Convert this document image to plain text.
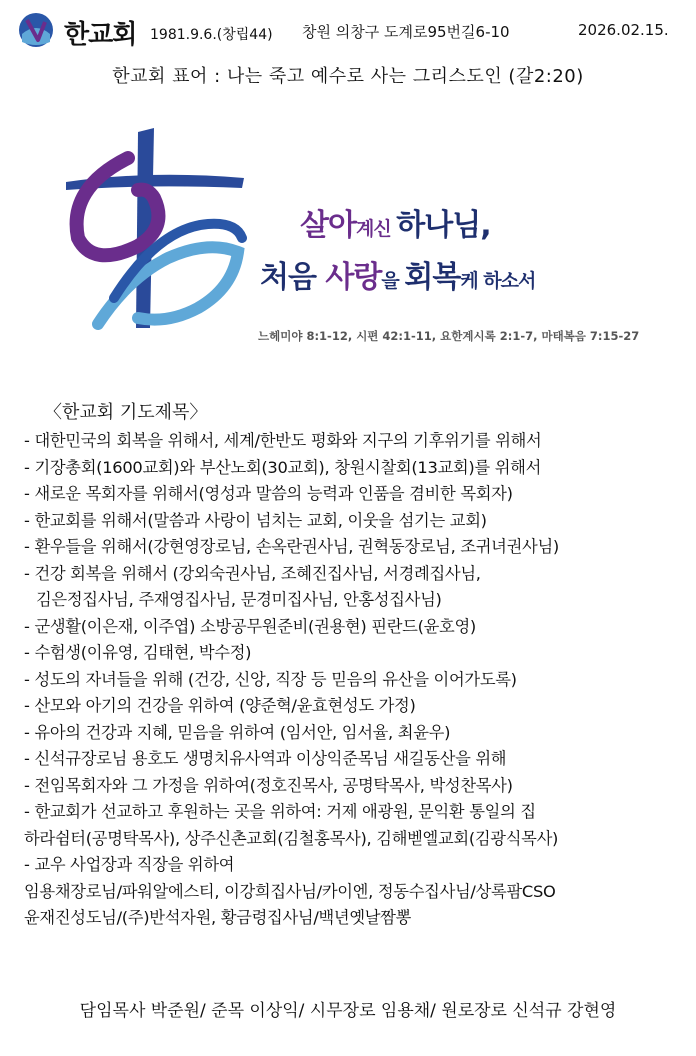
한교회 1981.9.6.(창립44) 창원 의창구 도계로95번길6-10	2026.02.15.
한교회 표어 : 나는 죽고 예수로 사는 그리스도인 (갈2:20)
살아계신 하나님,
처음 사랑을 회복케 하소서
느헤미야 8:1-12, 시편 42:1-11, 요한계시록 2:1-7, 마태복음 7:15-27
〈한교회 기도제목〉
- 대한민국의 회복을 위해서, 세계/한반도 평화와 지구의 기후위기를 위해서
- 기장총회(1600교회)와 부산노회(30교회), 창원시찰회(13교회)를 위해서
- 새로운 목회자를 위해서(영성과 말씀의 능력과 인품을 겸비한 목회자)
- 한교회를 위해서(말씀과 사랑이 넘치는 교회, 이웃을 섬기는 교회)
- 환우들을 위해서(강현영장로님, 손옥란권사님, 권혁동장로님, 조귀녀권사님)
- 건강 회복을 위해서 (강외숙권사님, 조혜진집사님, 서경례집사님,
김은정집사님, 주재영집사님, 문경미집사님, 안홍성집사님)
- 군생활(이은재, 이주엽) 소방공무원준비(권용현) 핀란드(윤호영)
- 수험생(이유영, 김태현, 박수정)
- 성도의 자녀들을 위해 (건강, 신앙, 직장 등 믿음의 유산을 이어가도록)
- 산모와 아기의 건강을 위하여 (양준혁/윤효현성도 가정)
- 유아의 건강과 지혜, 믿음을 위하여 (임서안, 임서율, 최윤우)
- 신석규장로님 용호도 생명치유사역과 이상익준목님 새길동산을 위해
- 전임목회자와 그 가정을 위하여(정호진목사, 공명탁목사, 박성찬목사)
- 한교회가 선교하고 후원하는 곳을 위하여: 거제 애광원, 문익환 통일의 집
하라쉼터(공명탁목사), 상주신촌교회(김철홍목사), 김해벧엘교회(김광식목사)
- 교우 사업장과 직장을 위하여
임용채장로님/파워알에스티, 이강희집사님/카이엔, 정동수집사님/상록팜CSO
윤재진성도님/(주)반석자원, 황금령집사님/백년옛날짬뽕
담임목사 박준원/ 준목 이상익/ 시무장로 임용채/ 원로장로 신석규 강현영
